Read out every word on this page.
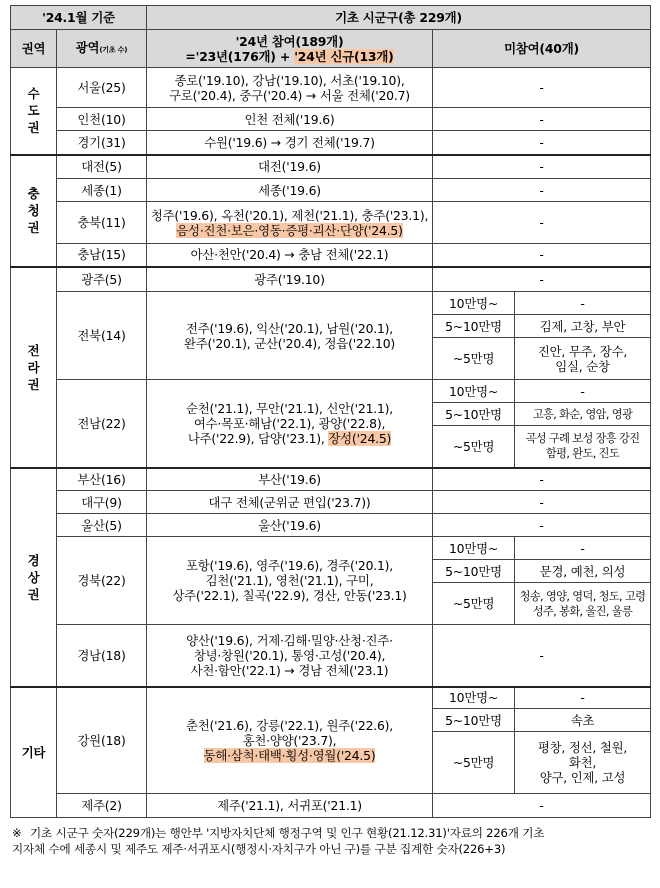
'24.1월 기준		기초 시군구(총 229개)		
권역	광역(기초 수)	'24년 참여(189개)
='23년(176개) + '24년 신규(13개)	미참여(40개)	
수도권	서울(25)	종로('19.10), 강남('19.10), 서초('19.10),
구로('20.4), 중구('20.4) → 서울 전체('20.7)	-	
	인천(10)	인천 전체('19.6)	-	
	경기(31)	수원('19.6) → 경기 전체('19.7)	-	
충청권	대전(5)	대전('19.6)	-	
	세종(1)	세종('19.6)	-	
	충북(11)	청주('19.6), 옥천('20.1), 제천('21.1), 충주('23.1),
음성·진천·보은·영동·증평·괴산·단양('24.5)	-	
	충남(15)	아산·천안('20.4) → 충남 전체('22.1)	-	
전라권	광주(5)	광주('19.10)	-	
	전북(14)	전주('19.6), 익산('20.1), 남원('20.1),
완주('20.1), 군산('20.4), 정읍('22.10)	10만명~	-
			5~10만명	김제, 고창, 부안
			~5만명	진안, 무주, 장수,
임실, 순창

	전남(22)	순천('21.1), 무안('21.1), 신안('21.1),
여수·목포·해남('22.1), 광양('22.8),
나주('22.9), 담양('23.1), 장성('24.5)	10만명~	-
			5~10만명	고흥, 화순, 영암, 영광
			~5만명	곡성 구례 보성 장흥 강진
함평, 완도, 진도

경상권	부산(16)	부산('19.6)	-	
	대구(9)	대구 전체(군위군 편입('23.7))	-	
	울산(5)	울산('19.6)	-	
	경북(22)	포항('19.6), 영주('19.6), 경주('20.1),
김천('21.1), 영천('21.1), 구미,
상주('22.1), 칠곡('22.9), 경산, 안동('23.1)	10만명~	-
			5~10만명	문경, 예천, 의성
			~5만명	청송, 영양, 영덕, 청도, 고령
성주, 봉화, 울진, 울릉

	경남(18)	양산('19.6), 거제·김해·밀양·산청·진주·
창녕·창원('20.1), 통영·고성('20.4),
사천·함안('22.1) → 경남 전체('23.1)	-	

기타	강원(18)	춘천('21.6), 강릉('22.1), 원주('22.6),
홍천·양양('23.7),
동해·삼척·태백·횡성·영월('24.5)	10만명~	-
			5~10만명	속초
			~5만명	평창, 정선, 철원,
화천,
양구, 인제, 고성

	제주(2)	제주('21.1), 서귀포('21.1)	-	
※ 기초 시군구 숫자(229개)는 행안부 '지방자치단체 행정구역 및 인구 현황(21.12.31)'자료의 226개 기초
지자체 수에 세종시 및 제주도 제주·서귀포시(행정시·자치구가 아닌 구)를 구분 집계한 숫자(226+3)
